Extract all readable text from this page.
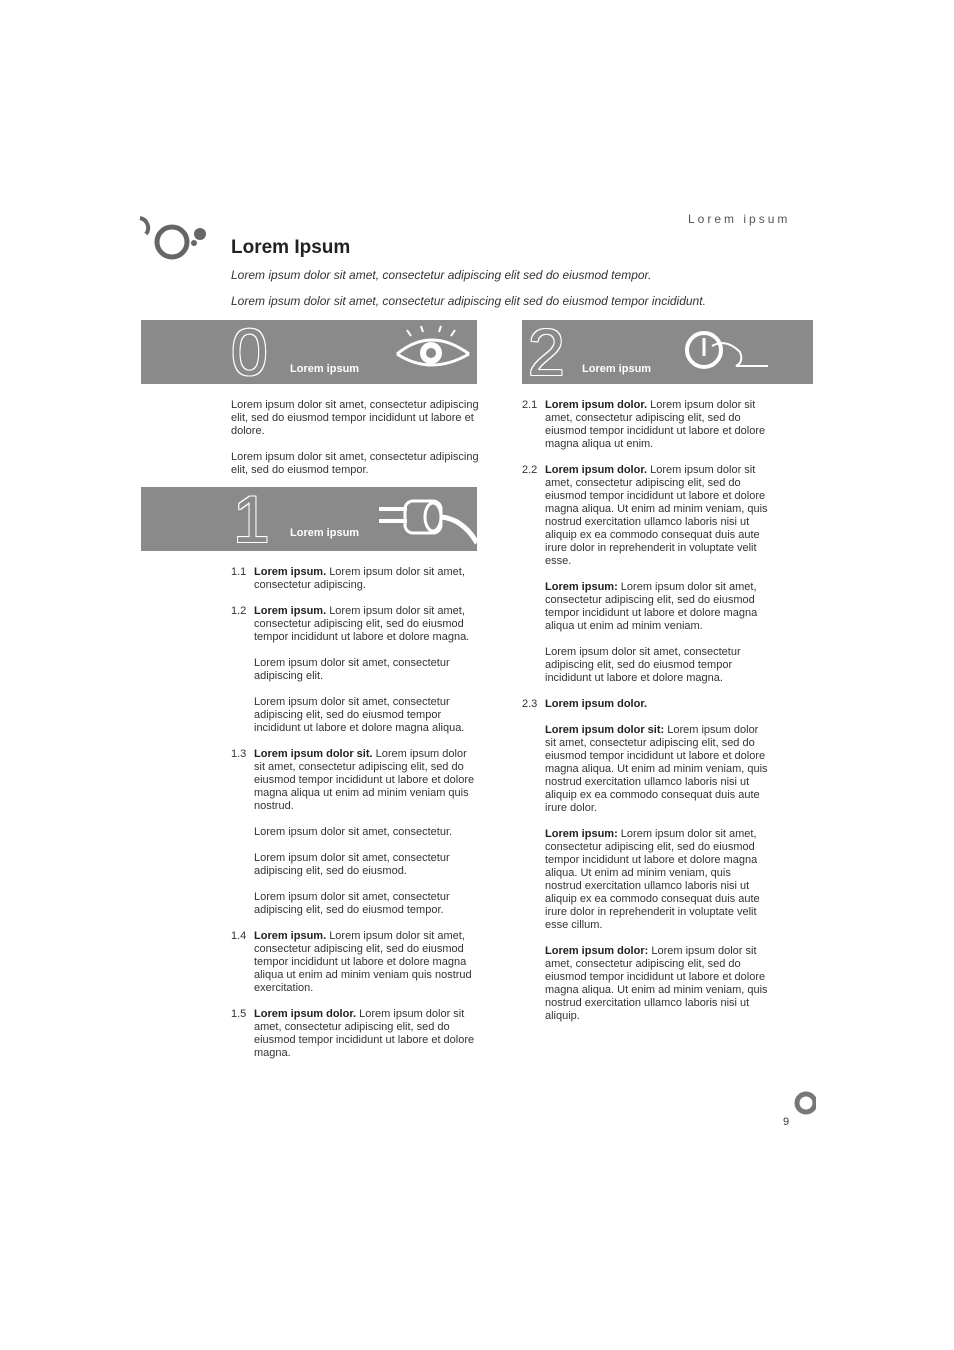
Lorem ipsum
Lorem Ipsum
Lorem ipsum dolor sit amet, consectetur adipiscing elit sed do eiusmod tempor.
Lorem ipsum dolor sit amet, consectetur adipiscing elit sed do eiusmod tempor incididunt.
0 Lorem ipsum
Lorem ipsum dolor sit amet, consectetur adipiscing elit, sed do eiusmod tempor incididunt ut labore et dolore.
Lorem ipsum dolor sit amet, consectetur adipiscing elit, sed do eiusmod tempor.
1 Lorem ipsum
1.1 Lorem ipsum. Lorem ipsum dolor sit amet, consectetur adipiscing.
1.2 Lorem ipsum. Lorem ipsum dolor sit amet, consectetur adipiscing elit, sed do eiusmod tempor incididunt ut labore et dolore magna.
Lorem ipsum dolor sit amet, consectetur adipiscing elit.
Lorem ipsum dolor sit amet, consectetur adipiscing elit, sed do eiusmod tempor incididunt ut labore et dolore magna aliqua.
1.3 Lorem ipsum dolor sit. Lorem ipsum dolor sit amet, consectetur adipiscing elit, sed do eiusmod tempor incididunt ut labore et dolore magna aliqua ut enim ad minim veniam quis nostrud.
Lorem ipsum dolor sit amet, consectetur.
Lorem ipsum dolor sit amet, consectetur adipiscing elit, sed do eiusmod.
Lorem ipsum dolor sit amet, consectetur adipiscing elit, sed do eiusmod tempor.
1.4 Lorem ipsum. Lorem ipsum dolor sit amet, consectetur adipiscing elit, sed do eiusmod tempor incididunt ut labore et dolore magna aliqua ut enim ad minim veniam quis nostrud exercitation.
1.5 Lorem ipsum dolor. Lorem ipsum dolor sit amet, consectetur adipiscing elit, sed do eiusmod tempor incididunt ut labore et dolore magna.
2 Lorem ipsum
2.1 Lorem ipsum dolor. Lorem ipsum dolor sit amet, consectetur adipiscing elit, sed do eiusmod tempor incididunt ut labore et dolore magna aliqua ut enim.
2.2 Lorem ipsum dolor. Lorem ipsum dolor sit amet, consectetur adipiscing elit, sed do eiusmod tempor incididunt ut labore et dolore magna aliqua. Ut enim ad minim veniam, quis nostrud exercitation ullamco laboris nisi ut aliquip ex ea commodo consequat duis aute irure dolor in reprehenderit in voluptate velit esse.
Lorem ipsum: Lorem ipsum dolor sit amet, consectetur adipiscing elit, sed do eiusmod tempor incididunt ut labore et dolore magna aliqua ut enim ad minim veniam.
Lorem ipsum dolor sit amet, consectetur adipiscing elit, sed do eiusmod tempor incididunt ut labore et dolore magna.
2.3 Lorem ipsum dolor.
Lorem ipsum dolor sit: Lorem ipsum dolor sit amet, consectetur adipiscing elit, sed do eiusmod tempor incididunt ut labore et dolore magna aliqua. Ut enim ad minim veniam, quis nostrud exercitation ullamco laboris nisi ut aliquip ex ea commodo consequat duis aute irure dolor.
Lorem ipsum: Lorem ipsum dolor sit amet, consectetur adipiscing elit, sed do eiusmod tempor incididunt ut labore et dolore magna aliqua. Ut enim ad minim veniam, quis nostrud exercitation ullamco laboris nisi ut aliquip ex ea commodo consequat duis aute irure dolor in reprehenderit in voluptate velit esse cillum.
Lorem ipsum dolor: Lorem ipsum dolor sit amet, consectetur adipiscing elit, sed do eiusmod tempor incididunt ut labore et dolore magna aliqua. Ut enim ad minim veniam, quis nostrud exercitation ullamco laboris nisi ut aliquip.
9
